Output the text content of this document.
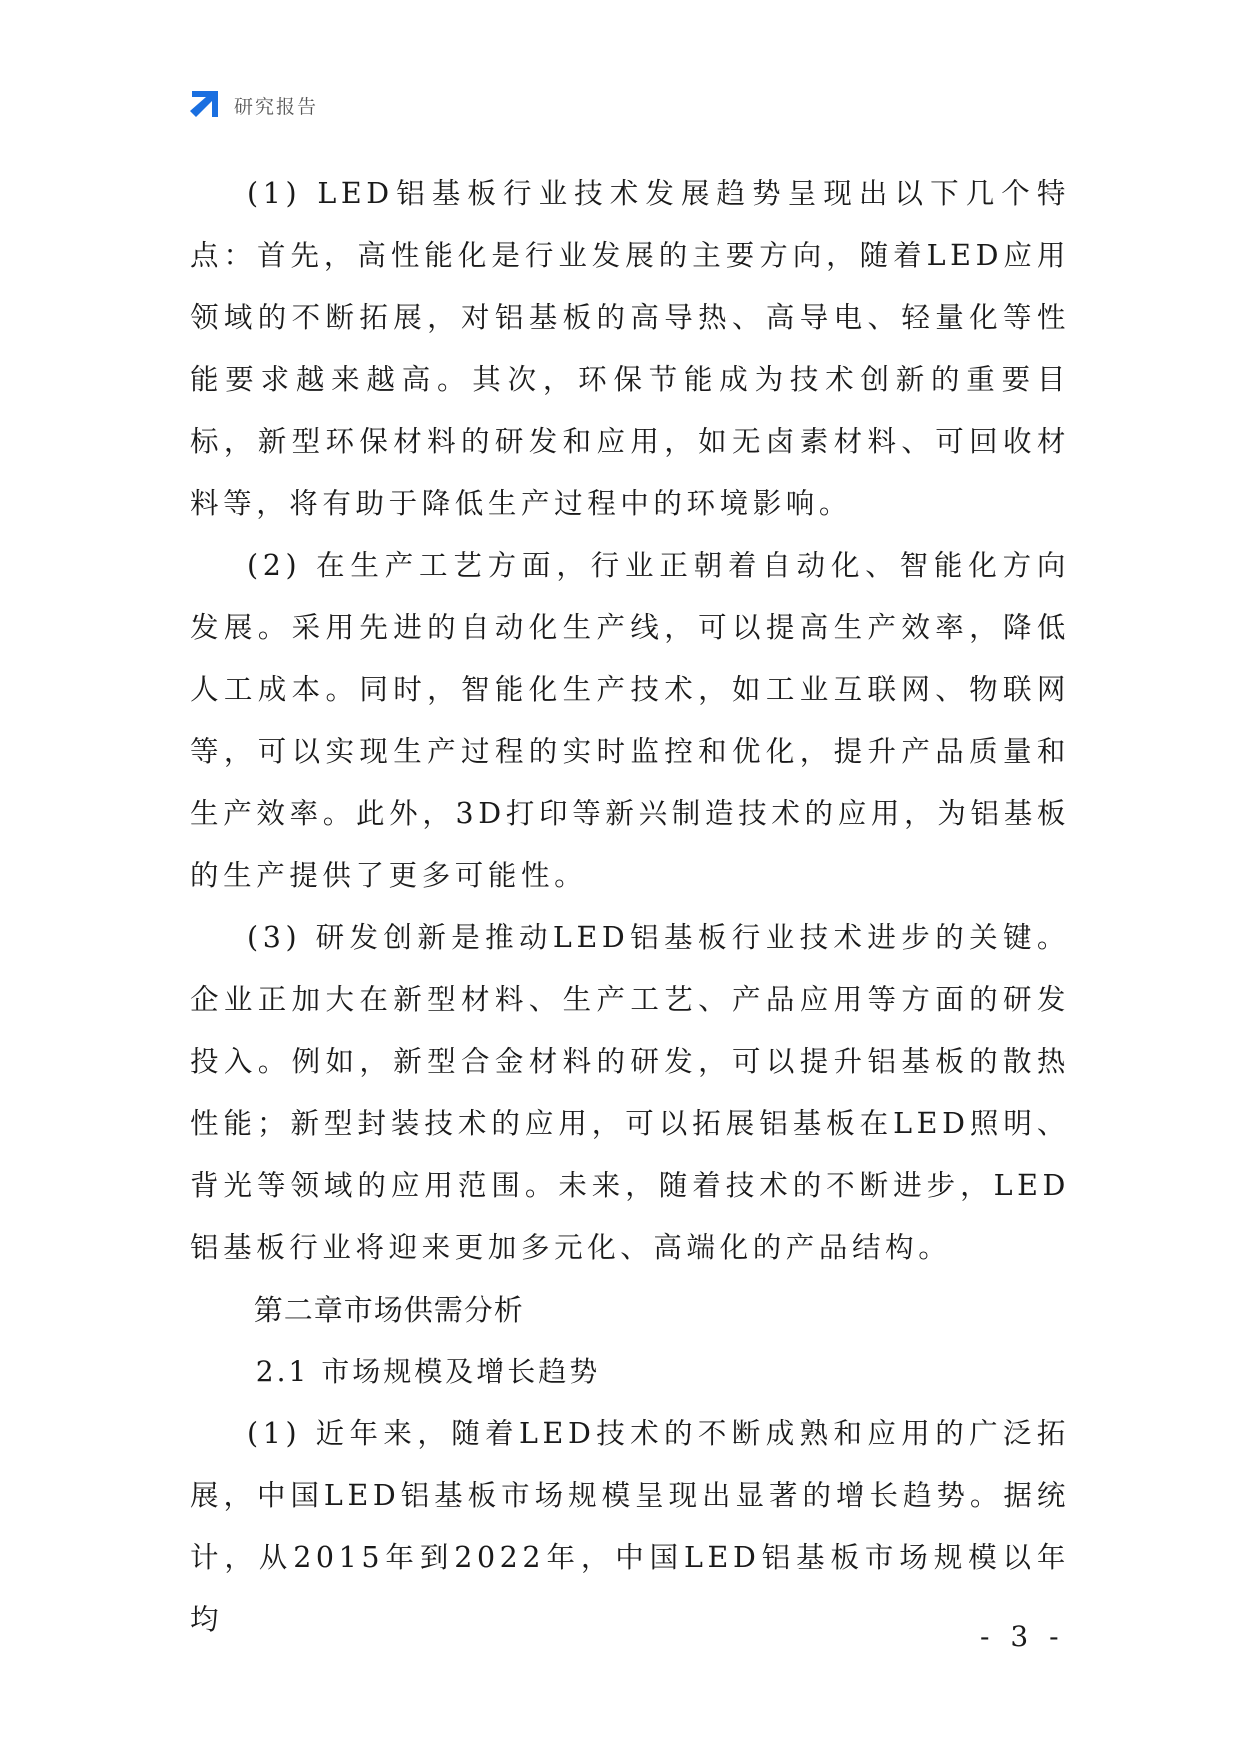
研究报告

(1) LED铝基板行业技术发展趋势呈现出以下几个特点：首先，高性能化是行业发展的主要方向，随着LED应用领域的不断拓展，对铝基板的高导热、高导电、轻量化等性能要求越来越高。其次，环保节能成为技术创新的重要目标，新型环保材料的研发和应用，如无卤素材料、可回收材料等，将有助于降低生产过程中的环境影响。

(2) 在生产工艺方面，行业正朝着自动化、智能化方向发展。采用先进的自动化生产线，可以提高生产效率，降低人工成本。同时，智能化生产技术，如工业互联网、物联网等，可以实现生产过程的实时监控和优化，提升产品质量和生产效率。此外，3D打印等新兴制造技术的应用，为铝基板的生产提供了更多可能性。

(3) 研发创新是推动LED铝基板行业技术进步的关键。企业正加大在新型材料、生产工艺、产品应用等方面的研发投入。例如，新型合金材料的研发，可以提升铝基板的散热性能；新型封装技术的应用，可以拓展铝基板在LED照明、背光等领域的应用范围。未来，随着技术的不断进步，LED铝基板行业将迎来更加多元化、高端化的产品结构。

第二章市场供需分析
2.1 市场规模及增长趋势

(1) 近年来，随着LED技术的不断成熟和应用的广泛拓展，中国LED铝基板市场规模呈现出显著的增长趋势。据统计，从2015年到2022年，中国LED铝基板市场规模以年均

- 3 -
